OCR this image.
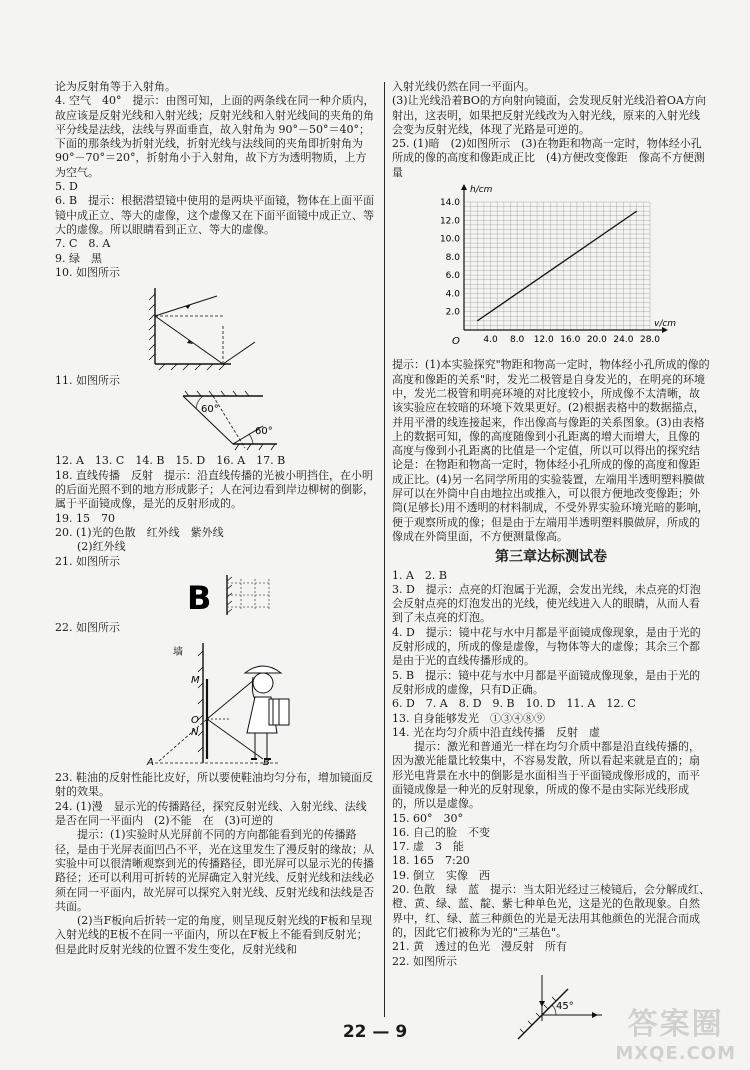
论为反射角等于入射角。

4. 空气　40°　提示：由图可知，上面的两条线在同一种介质内，故应该是反射光线和入射光线；反射光线和入射光线间的夹角的角平分线是法线，法线与界面垂直，故入射角为 90°－50°＝40°；下面的那条线为折射光线，折射光线与法线间的夹角即折射角为 90°－70°＝20°，折射角小于入射角，故下方为透明物质，上方为空气。

5. D

6. B　提示：根据潜望镜中使用的是两块平面镜，物体在上面平面镜中成正立、等大的虚像，这个虚像又在下面平面镜中成正立、等大的虚像。所以眼睛看到正立、等大的虚像。

7. C　8. A

9. 绿　黑

10. 如图所示

11. 如图所示

60°
60°

12. A　13. C　14. B　15. D　16. A　17. B

18. 直线传播　反射　提示：沿直线传播的光被小明挡住，在小明的后面光照不到的地方形成影子；人在河边看到岸边柳树的倒影，属于平面镜成像，是光的反射形成的。

19. 15　70

20. (1)光的色散　红外线　紫外线

　　(2)红外线

21. 如图所示

B

22. 如图所示

墙
M
O
N
A	B

23. 鞋油的反射性能比皮好，所以要使鞋油均匀分布，增加镜面反射的效果。

24. (1)漫　显示光的传播路径，探究反射光线、入射光线、法线是否在同一平面内　(2)不能　在　(3)可逆的

　　提示：(1)实验时从光屏前不同的方向都能看到光的传播路径，是由于光屏表面凹凸不平，光在这里发生了漫反射的缘故；从实验中可以很清晰观察到光的传播路径，即光屏可以显示光的传播路径；还可以利用可折转的光屏确定入射光线、反射光线和法线必须在同一平面内，故光屏可以探究入射光线、反射光线和法线是否共面。

　　(2)当F板向后折转一定的角度，则呈现反射光线的F板和呈现入射光线的E板不在同一平面内，所以在F板上不能看到反射光；但是此时反射光线的位置不发生变化，反射光线和

入射光线仍然在同一平面内。

(3)让光线沿着BO的方向射向镜面，会发现反射光线沿着OA方向射出，这表明，如果把反射光线改为入射光线，原来的入射光线会变为反射光线，体现了光路是可逆的。

25. (1)暗　(2)如图所示　(3)在物距和物高一定时，物体经小孔所成的像的高度和像距成正比　(4)方便改变像距　像高不方便测量

4.0 8.0 12.0 16.0 20.0 24.0 28.0
2.0
4.0
6.0
8.0
10.0
12.0
14.0
v/cm
h/cm
O

提示：(1)本实验探究"物距和物高一定时，物体经小孔所成的像的高度和像距的关系"时，发光二极管是自身发光的，在明亮的环境中，发光二极管和明亮环境的对比度较小，所成像不太清晰，故该实验应在较暗的环境下效果更好。(2)根据表格中的数据描点，并用平滑的线连接起来，作出像高与像距的关系图象。(3)由表格上的数据可知，像的高度随像到小孔距离的增大而增大，且像的高度与像到小孔距离的比值是一个定值，所以可以得出的探究结论是：在物距和物高一定时，物体经小孔所成的像的高度和像距成正比。(4)另一名同学所用的实验装置，左端用半透明塑料膜做屏可以在外筒中自由地拉出或推入，可以很方便地改变像距；外筒(足够长)用不透明的材料制成，不受外界实验环境光暗的影响，便于观察所成的像；但是由于左端用半透明塑料膜做屏，所成的像成在外筒里面，不方便测量像高。

第三章达标测试卷

1. A　2. B

3. D　提示：点亮的灯泡属于光源，会发出光线，未点亮的灯泡会反射点亮的灯泡发出的光线，使光线进入人的眼睛，从而人看到了未点亮的灯泡。

4. D　提示：镜中花与水中月都是平面镜成像现象，是由于光的反射形成的，所成的像是虚像，与物体等大的虚像；其余三个都是由于光的直线传播形成的。

5. B　提示：镜中花与水中月都是平面镜成像现象，是由于光的反射形成的虚像，只有D正确。

6. D　7. A　8. D　9. B　10. D　11. A　12. C

13. 自身能够发光　①③④⑧⑨

14. 光在均匀介质中沿直线传播　反射　虚

　　提示：激光和普通光一样在均匀介质中都是沿直线传播的，因为激光能量比较集中，不容易发散，所以看起来就是直的；扇形光电背景在水中的倒影是水面相当于平面镜成像形成的，而平面镜成像是一种光的反射现象，所成的像不是由实际光线形成的，所以是虚像。

15. 60°　30°

16. 自己的脸　不变

17. 虚　3　能

18. 165　7:20

19. 倒立　实像　西

20. 色散　绿　蓝　提示：当太阳光经过三棱镜后，会分解成红、橙、黄、绿、蓝、靛、紫七种单色光，这是光的色散现象。自然界中，红、绿、蓝三种颜色的光是无法用其他颜色的光混合而成的，因此它们被称为光的"三基色"。

21. 黄　透过的色光　漫反射　所有

22. 如图所示

45°
22 — 9	答案圈
MXQE.COM
